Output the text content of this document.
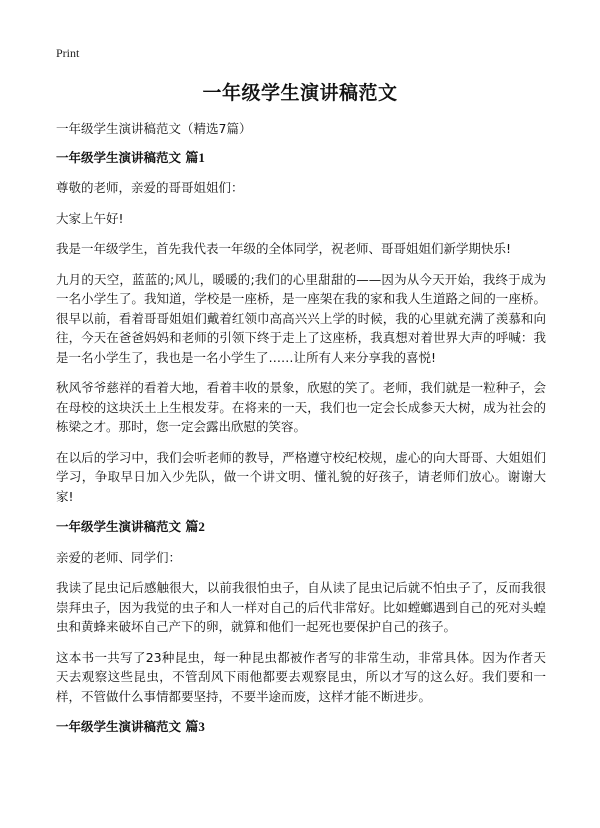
Print
一年级学生演讲稿范文

一年级学生演讲稿范文（精选7篇）

一年级学生演讲稿范文 篇1

尊敬的老师，亲爱的哥哥姐姐们：

大家上午好!

我是一年级学生，首先我代表一年级的全体同学，祝老师、哥哥姐姐们新学期快乐!

九月的天空，蓝蓝的;风儿，暖暖的;我们的心里甜甜的——因为从今天开始，我终于成为一名小学生了。我知道，学校是一座桥，是一座架在我的家和我人生道路之间的一座桥。很早以前，看着哥哥姐姐们戴着红领巾高高兴兴上学的时候，我的心里就充满了羡慕和向往，今天在爸爸妈妈和老师的引领下终于走上了这座桥，我真想对着世界大声的呼喊：我是一名小学生了，我也是一名小学生了……让所有人来分享我的喜悦!

秋风爷爷慈祥的看着大地，看着丰收的景象，欣慰的笑了。老师，我们就是一粒种子，会在母校的这块沃土上生根发芽。在将来的一天，我们也一定会长成参天大树，成为社会的栋梁之才。那时，您一定会露出欣慰的笑容。

在以后的学习中，我们会听老师的教导，严格遵守校纪校规，虚心的向大哥哥、大姐姐们学习，争取早日加入少先队，做一个讲文明、懂礼貌的好孩子，请老师们放心。谢谢大家!

一年级学生演讲稿范文 篇2

亲爱的老师、同学们：

我读了昆虫记后感触很大，以前我很怕虫子，自从读了昆虫记后就不怕虫子了，反而我很崇拜虫子，因为我觉的虫子和人一样对自己的后代非常好。比如螳螂遇到自己的死对头蝗虫和黄蜂来破坏自己产下的卵，就算和他们一起死也要保护自己的孩子。

这本书一共写了23种昆虫，每一种昆虫都被作者写的非常生动，非常具体。因为作者天天去观察这些昆虫，不管刮风下雨他都要去观察昆虫，所以才写的这么好。我们要和一样，不管做什么事情都要坚持，不要半途而废，这样才能不断进步。

一年级学生演讲稿范文 篇3
